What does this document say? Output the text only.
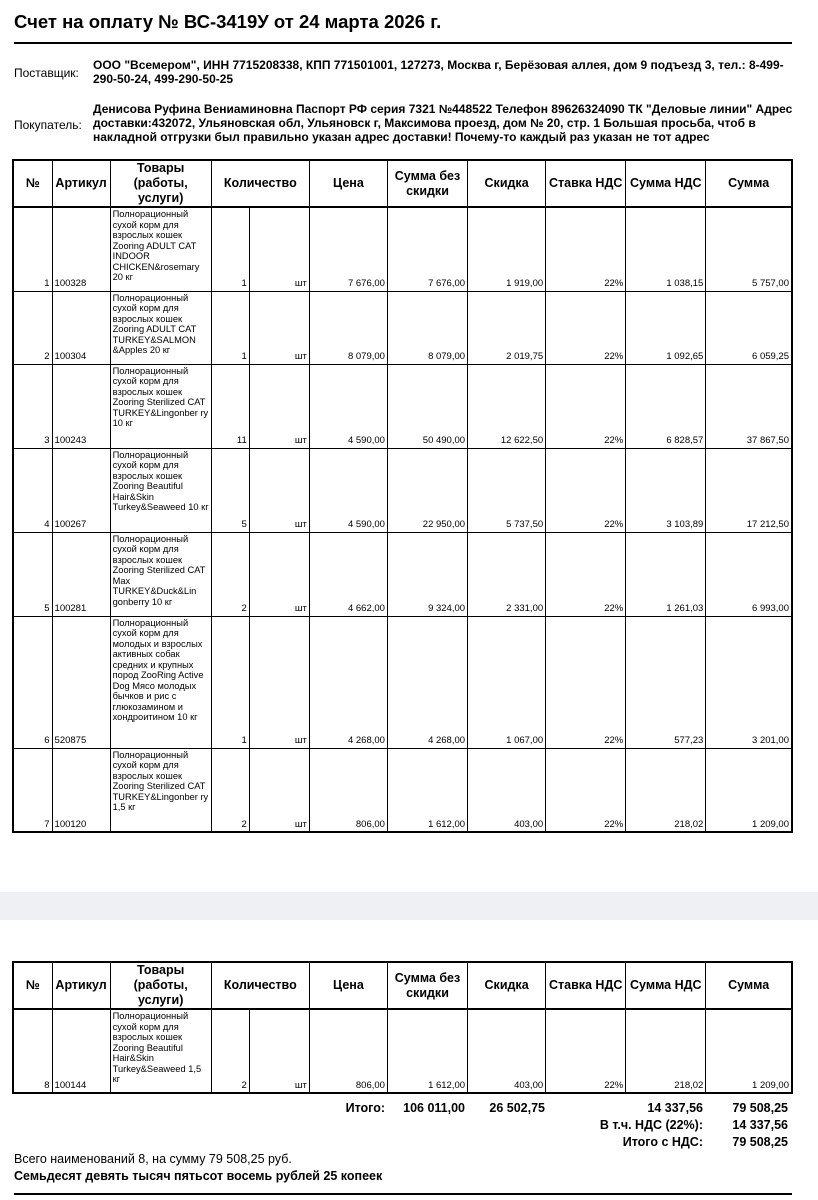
Счет на оплату № ВС-3419У от 24 марта 2026 г.
Поставщик:
ООО "Всемером", ИНН 7715208338, КПП 771501001, 127273, Москва г, Берёзовая аллея, дом 9 подъезд 3, тел.: 8-499-290-50-24, 499-290-50-25
Покупатель:
Денисова Руфина Вениаминовна Паспорт РФ серия 7321 №448522 Телефон 89626324090 ТК "Деловые линии" Адрес доставки:432072, Ульяновская обл, Ульяновск г, Максимова проезд, дом № 20, стр. 1 Большая просьба, чтоб в накладной отгрузки был правильно указан адрес доставки! Почему-то каждый раз указан не тот адрес
№	Артикул	Товары (работы, услуги)	Количество		Цена	Сумма без скидки	Скидка	Ставка НДС	Сумма НДС	Сумма
1	100328	Полнорационный сухой корм для взрослых кошек Zooring ADULT CAT INDOOR CHICKEN&rosemary 20 кг	1	шт	7 676,00	7 676,00	1 919,00	22%	1 038,15	5 757,00
2	100304	Полнорационный сухой корм для взрослых кошек Zooring ADULT CAT TURKEY&SALMON &Apples 20 кг	1	шт	8 079,00	8 079,00	2 019,75	22%	1 092,65	6 059,25
3	100243	Полнорационный сухой корм для взрослых кошек Zooring Sterilized CAT TURKEY&Lingonber ry 10 кг	11	шт	4 590,00	50 490,00	12 622,50	22%	6 828,57	37 867,50
4	100267	Полнорационный сухой корм для взрослых кошек Zooring Beautiful Hair&Skin Turkey&Seaweed 10 кг	5	шт	4 590,00	22 950,00	5 737,50	22%	3 103,89	17 212,50
5	100281	Полнорационный сухой корм для взрослых кошек Zooring Sterilized CAT Max TURKEY&Duck&Lin gonberry 10 кг	2	шт	4 662,00	9 324,00	2 331,00	22%	1 261,03	6 993,00
6	520875	Полнорационный сухой корм для молодых и взрослых активных собак средних и крупных пород ZooRing Active Dog Мясо молодых бычков и рис с глюкозамином и хондроитином 10 кг	1	шт	4 268,00	4 268,00	1 067,00	22%	577,23	3 201,00
7	100120	Полнорационный сухой корм для взрослых кошек Zooring Sterilized CAT TURKEY&Lingonber ry 1,5 кг	2	шт	806,00	1 612,00	403,00	22%	218,02	1 209,00
№	Артикул	Товары (работы, услуги)	Количество		Цена	Сумма без скидки	Скидка	Ставка НДС	Сумма НДС	Сумма
8	100144	Полнорационный сухой корм для взрослых кошек Zooring Beautiful Hair&Skin Turkey&Seaweed 1,5 кг	2	шт	806,00	1 612,00	403,00	22%	218,02	1 209,00
Итого: 106 011,00 26 502,75	14 337,56 79 508,25
В т.ч. НДС (22%): 14 337,56
Итого с НДС: 79 508,25
Всего наименований 8, на сумму 79 508,25 руб.
Семьдесят девять тысяч пятьсот восемь рублей 25 копеек
